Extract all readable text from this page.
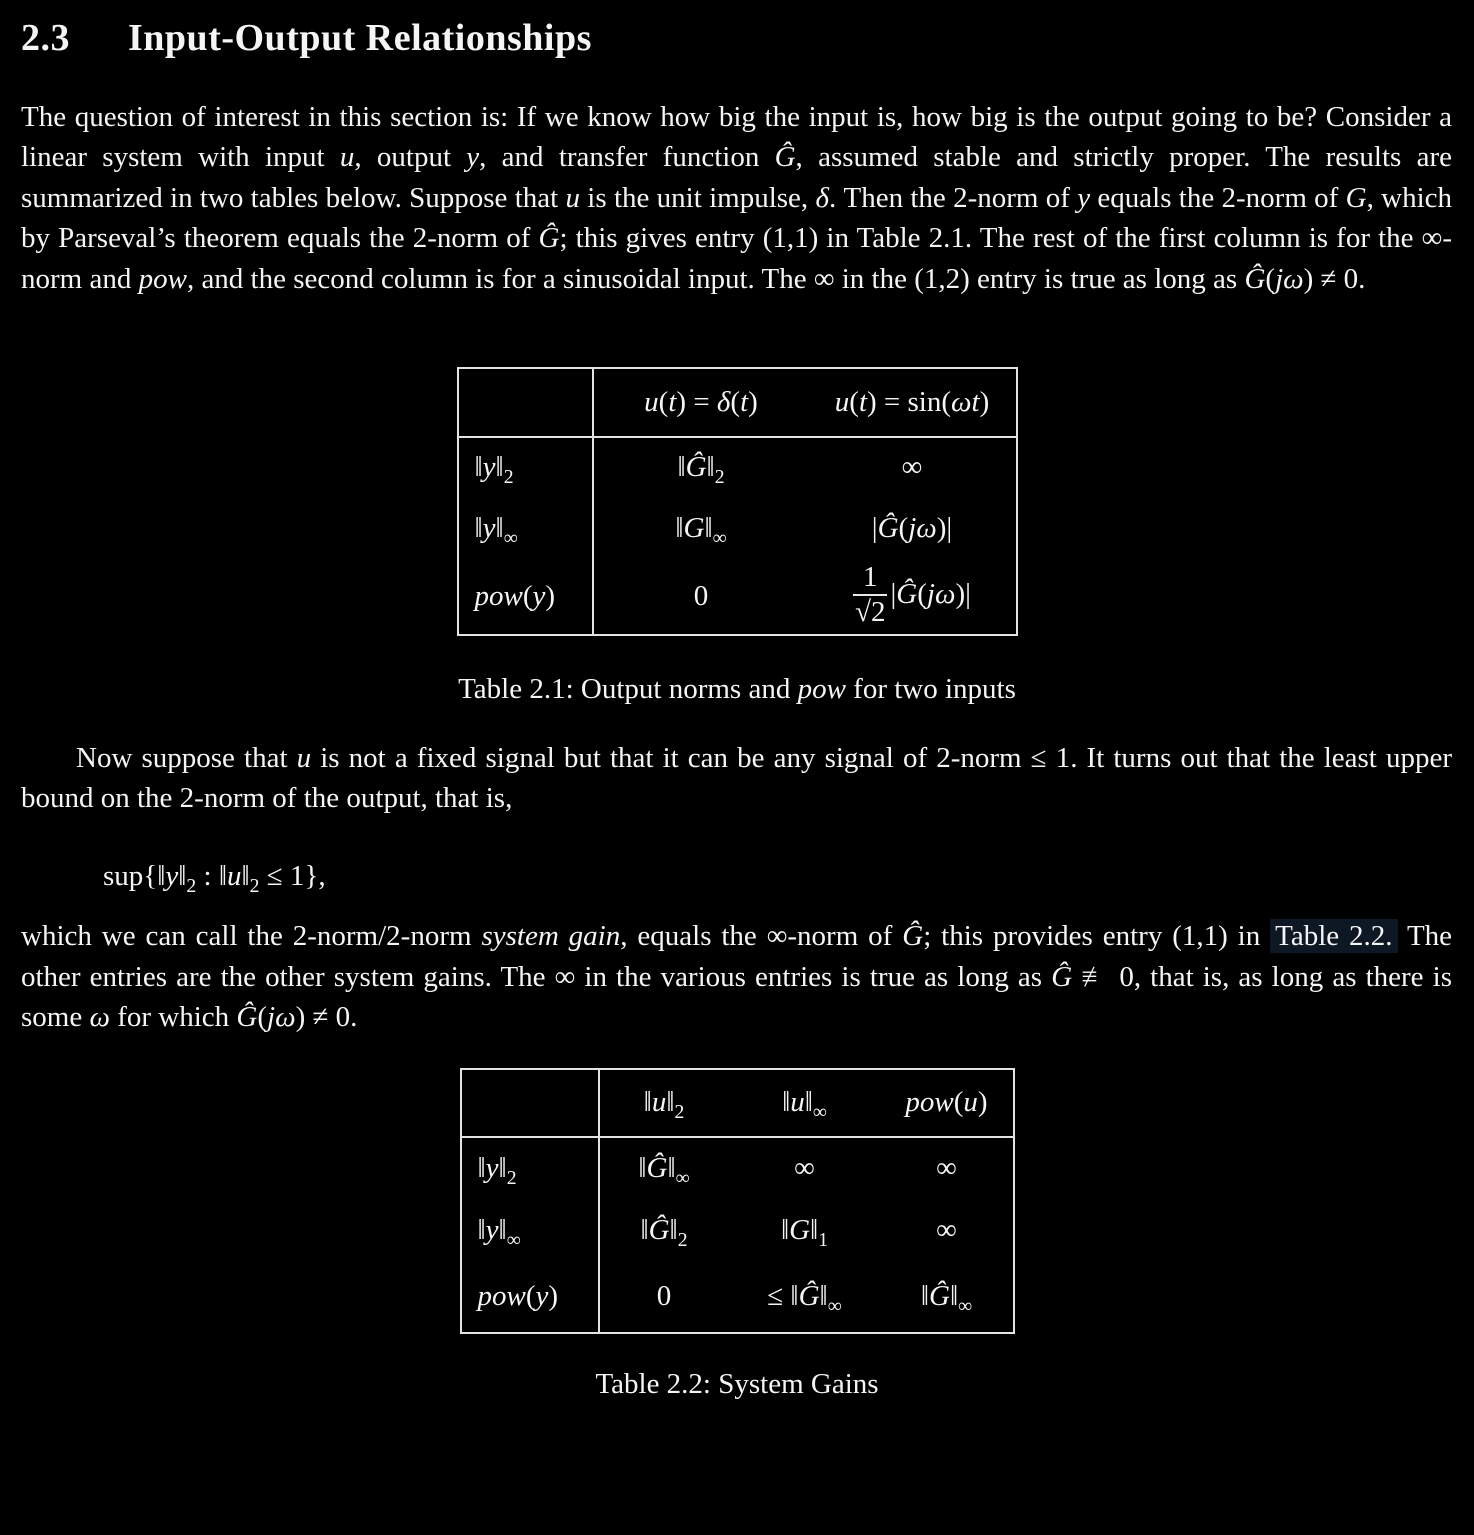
2.3 Input-Output Relationships

The question of interest in this section is: If we know how big the input is, how big is the output going to be? Consider a linear system with input u, output y, and transfer function Ĝ, assumed stable and strictly proper. The results are summarized in two tables below. Suppose that u is the unit impulse, δ. Then the 2-norm of y equals the 2-norm of G, which by Parseval’s theorem equals the 2-norm of Ĝ; this gives entry (1,1) in Table 2.1. The rest of the first column is for the ∞-norm and pow, and the second column is for a sinusoidal input. The ∞ in the (1,2) entry is true as long as Ĝ(jω) ≠ 0.

	u(t) = δ(t)	u(t) = sin(ωt)
$‖y‖_2$	$‖Ĝ‖_2$	∞
$‖y‖_\infty$	$‖G‖_\infty$	|Ĝ(jω)|
pow(y)	0	$\frac{1}{√2}$ |Ĝ(jω)|
Table 2.1: Output norms and pow for two inputs

Now suppose that u is not a fixed signal but that it can be any signal of 2-norm ≤ 1. It turns out that the least upper bound on the 2-norm of the output, that is,

$sup\{‖y‖_2$ : $‖u‖_2 \le 1$},

which we can call the 2-norm/2-norm system gain, equals the ∞-norm of Ĝ; this provides entry (1,1) in Table 2.2. The other entries are the other system gains. The ∞ in the various entries is true as long as Ĝ ≢ 0, that is, as long as there is some ω for which Ĝ(jω) ≠ 0.

	$‖u‖_2$	$‖u‖_\infty$	pow(u)
$‖y‖_2$	$‖Ĝ‖_\infty$	∞	∞
$‖y‖_\infty$	$‖Ĝ‖_2$	$‖G‖_1$	∞
pow(y)	0	≤ $‖Ĝ‖_\infty$	$‖Ĝ‖_\infty$
Table 2.2: System Gains
